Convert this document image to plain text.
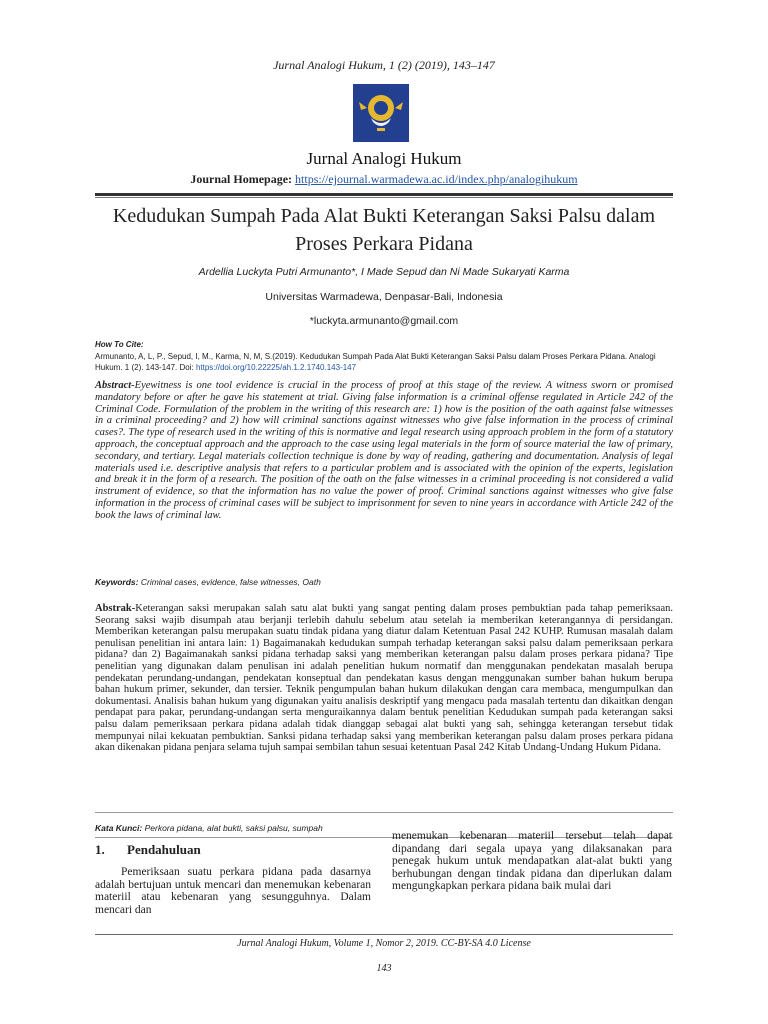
Jurnal Analogi Hukum, 1 (2) (2019), 143–147
Jurnal Analogi Hukum
Journal Homepage: https://ejournal.warmadewa.ac.id/index.php/analogihukum
Kedudukan Sumpah Pada Alat Bukti Keterangan Saksi Palsu dalam Proses Perkara Pidana
Ardellia Luckyta Putri Armunanto*, I Made Sepud dan Ni Made Sukaryati Karma
Universitas Warmadewa, Denpasar-Bali, Indonesia
*luckyta.armunanto@gmail.com
How To Cite:
Armunanto, A, L, P., Sepud, I, M., Karma, N, M, S.(2019). Kedudukan Sumpah Pada Alat Bukti Keterangan Saksi Palsu dalam Proses Perkara Pidana. Analogi Hukum. 1 (2). 143-147. Doi: https://doi.org/10.22225/ah.1.2.1740.143-147
Abstract-Eyewitness is one tool evidence is crucial in the process of proof at this stage of the review. A witness sworn or promised mandatory before or after he gave his statement at trial. Giving false information is a criminal offense regulated in Article 242 of the Criminal Code. Formulation of the problem in the writing of this research are: 1) how is the position of the oath against false witnesses in a criminal proceeding? and 2) how will criminal sanctions against witnesses who give false information in the process of criminal cases?. The type of research used in the writing of this is normative and legal research using approach problem in the form of a statutory approach, the conceptual approach and the approach to the case using legal materials in the form of source material the law of primary, secondary, and tertiary. Legal materials collection technique is done by way of reading, gathering and documentation. Analysis of legal materials used i.e. descriptive analysis that refers to a particular problem and is associated with the opinion of the experts, legislation and break it in the form of a research. The position of the oath on the false witnesses in a criminal proceeding is not considered a valid instrument of evidence, so that the information has no value the power of proof. Criminal sanctions against witnesses who give false information in the process of criminal cases will be subject to imprisonment for seven to nine years in accordance with Article 242 of the book the laws of criminal law.
Keywords: Criminal cases, evidence, false witnesses, Oath
Abstrak-Keterangan saksi merupakan salah satu alat bukti yang sangat penting dalam proses pembuktian pada tahap pemeriksaan. Seorang saksi wajib disumpah atau berjanji terlebih dahulu sebelum atau setelah ia memberikan keterangannya di persidangan. Memberikan keterangan palsu merupakan suatu tindak pidana yang diatur dalam Ketentuan Pasal 242 KUHP. Rumusan masalah dalam penulisan penelitian ini antara lain: 1) Bagaimanakah kedudukan sumpah terhadap keterangan saksi palsu dalam pemeriksaan perkara pidana? dan 2) Bagaimanakah sanksi pidana terhadap saksi yang memberikan keterangan palsu dalam proses perkara pidana? Tipe penelitian yang digunakan dalam penulisan ini adalah penelitian hukum normatif dan menggunakan pendekatan masalah berupa pendekatan perundang-undangan, pendekatan konseptual dan pendekatan kasus dengan menggunakan sumber bahan hukum berupa bahan hukum primer, sekunder, dan tersier. Teknik pengumpulan bahan hukum dilakukan dengan cara membaca, mengumpulkan dan dokumentasi. Analisis bahan hukum yang digunakan yaitu analisis deskriptif yang mengacu pada masalah tertentu dan dikaitkan dengan pendapat para pakar, perundang-undangan serta menguraikannya dalam bentuk penelitian Kedudukan sumpah pada keterangan saksi palsu dalam pemeriksaan perkara pidana adalah tidak dianggap sebagai alat bukti yang sah, sehingga keterangan tersebut tidak mempunyai nilai kekuatan pembuktian. Sanksi pidana terhadap saksi yang memberikan keterangan palsu dalam proses perkara pidana akan dikenakan pidana penjara selama tujuh sampai sembilan tahun sesuai ketentuan Pasal 242 Kitab Undang-Undang Hukum Pidana.
Kata Kunci: Perkora pidana, alat bukti, saksi palsu, sumpah
1. Pendahuluan
Pemeriksaan suatu perkara pidana pada dasarnya adalah bertujuan untuk mencari dan menemukan kebenaran materiil atau kebenaran yang sesungguhnya. Dalam mencari dan
menemukan kebenaran materiil tersebut telah dapat dipandang dari segala upaya yang dilaksanakan para penegak hukum untuk mendapatkan alat-alat bukti yang berhubungan dengan tindak pidana dan diperlukan dalam mengungkapkan perkara pidana baik mulai dari
Jurnal Analogi Hukum, Volume 1, Nomor 2, 2019. CC-BY-SA 4.0 License
143
